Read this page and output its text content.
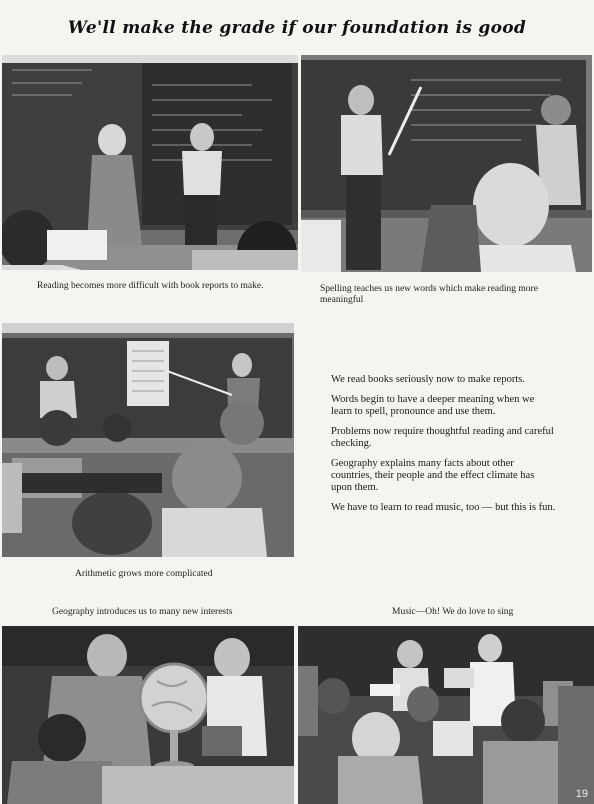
We'll make the grade if our foundation is good
Reading becomes more difficult with book reports to make.	Spelling teaches us new words which make reading more meaningful
Arithmetic grows more complicated

We read books seriously now to make reports.

Words begin to have a deeper meaning when we learn to spell, pronounce and use them.

Problems now require thoughtful reading and careful checking.

Geography explains many facts about other countries, their people and the effect climate has upon them.

We have to learn to read music, too — but this is fun.

Geography introduces us to many new interests	Music—Oh! We do love to sing
19
